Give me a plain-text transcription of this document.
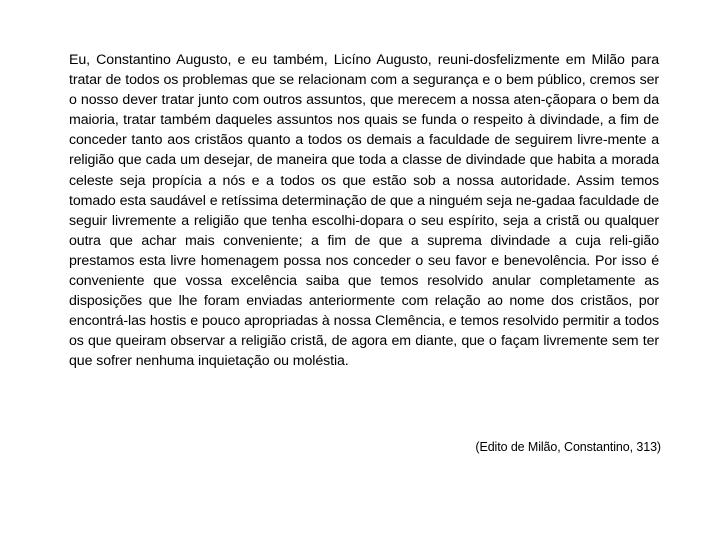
Eu, Constantino Augusto, e eu também, Licíno Augusto, reuni-dosfelizmente em Milão para tratar de todos os problemas que se relacionam com a segurança e o bem público, cremos ser o nosso dever tratar junto com outros assuntos, que merecem a nossa aten-çãopara o bem da maioria, tratar também daqueles assuntos nos quais se funda o respeito à divindade, a fim de conceder tanto aos cristãos quanto a todos os demais a faculdade de seguirem livre-mente a religião que cada um desejar, de maneira que toda a classe de divindade que habita a morada celeste seja propícia a nós e a todos os que estão sob a nossa autoridade. Assim temos tomado esta saudável e retíssima determinação de que a ninguém seja ne-gadaa faculdade de seguir livremente a religião que tenha escolhi-dopara o seu espírito, seja a cristã ou qualquer outra que achar mais conveniente; a fim de que a suprema divindade a cuja reli-gião prestamos esta livre homenagem possa nos conceder o seu favor e benevolência. Por isso é conveniente que vossa excelência saiba que temos resolvido anular completamente as disposições que lhe foram enviadas anteriormente com relação ao nome dos cristãos, por encontrá-las hostis e pouco apropriadas à nossa Clemência, e temos resolvido permitir a todos os que queiram observar a religião cristã, de agora em diante, que o façam livremente sem ter que sofrer nenhuma inquietação ou moléstia.

(Edito de Milão, Constantino, 313)
